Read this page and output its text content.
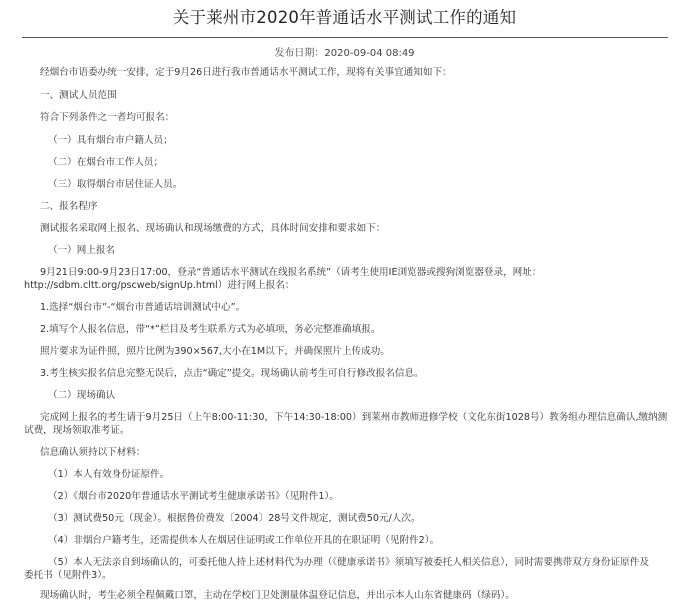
关于莱州市2020年普通话水平测试工作的通知
发布日期：2020-09-04 08:49
经烟台市语委办统一安排，定于9月26日进行我市普通话水平测试工作，现将有关事宜通知如下：
一、测试人员范围
符合下列条件之一者均可报名：
（一）具有烟台市户籍人员；
（二）在烟台市工作人员；
（三）取得烟台市居住证人员。
二、报名程序
测试报名采取网上报名、现场确认和现场缴费的方式，具体时间安排和要求如下：
（一）网上报名
9月21日9:00-9月23日17:00，登录“普通话水平测试在线报名系统”（请考生使用IE浏览器或搜狗浏览器登录，网址：
http://sdbm.cltt.org/pscweb/signUp.html）进行网上报名：
1.选择“烟台市”-“烟台市普通话培训测试中心”。
2.填写个人报名信息，带“*”栏目及考生联系方式为必填项，务必完整准确填报。
照片要求为证件照，照片比例为390×567,大小在1M以下，并确保照片上传成功。
3.考生核实报名信息完整无误后，点击“确定”提交。现场确认前考生可自行修改报名信息。
（二）现场确认
完成网上报名的考生请于9月25日（上午8:00-11:30，下午14:30-18:00）到莱州市教师进修学校（文化东街1028号）教务组办理信息确认,缴纳测
试费，现场领取准考证。
信息确认须持以下材料：
（1）本人有效身份证原件。
（2）《烟台市2020年普通话水平测试考生健康承诺书》（见附件1）。
（3）测试费50元（现金）。根据鲁价费发〔2004〕28号文件规定，测试费50元/人次。
（4）非烟台户籍考生，还需提供本人在烟居住证明或工作单位开具的在职证明（见附件2）。
（5）本人无法亲自到场确认的，可委托他人持上述材料代为办理（《健康承诺书》须填写被委托人相关信息），同时需要携带双方身份证原件及
委托书（见附件3）。
现场确认时，考生必须全程佩戴口罩，主动在学校门卫处测量体温登记信息，并出示本人山东省健康码（绿码）。
